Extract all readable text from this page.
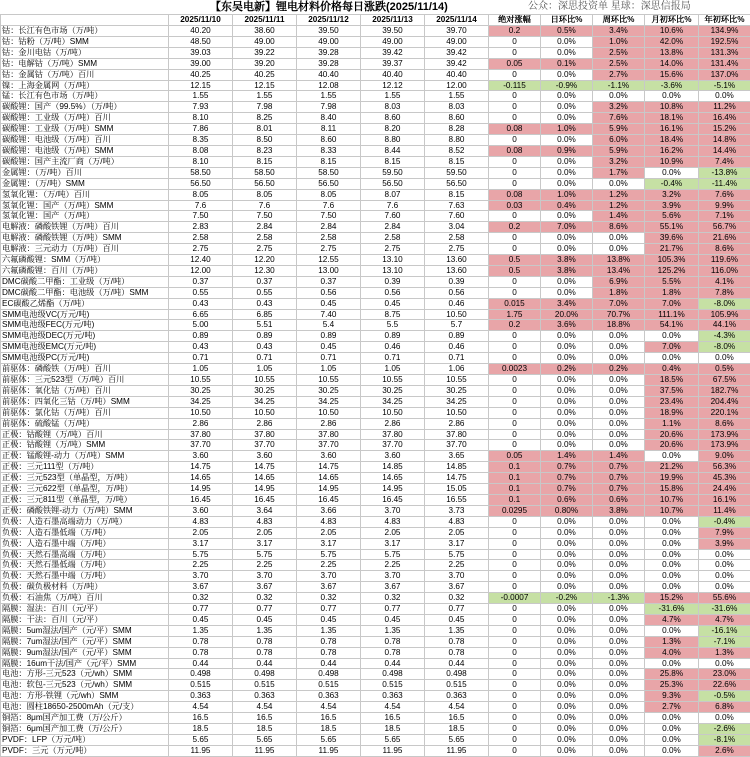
【东吴电新】锂电材料价格每日涨跌(2025/11/14)	公众：深思投资单 星球：深思信报局
	2025/11/10	2025/11/11	2025/11/12	2025/11/13	2025/11/14	绝对涨幅	日环比%	周环比%	月初环比%	年初环比%
钴：长江有色市场（万/吨）	40.20	38.60	39.50	39.50	39.70	0.2	0.5%	3.4%	10.6%	134.9%
钴：钴粉（万/吨）SMM	48.50	49.00	49.00	49.00	49.00	0	0.0%	1.0%	42.0%	192.5%
钴：金川电钴（万/吨）	39.03	39.22	39.28	39.42	39.42	0	0.0%	2.5%	13.8%	131.3%
钴：电解钴（万/吨）SMM	39.00	39.20	39.28	39.37	39.42	0.05	0.1%	2.5%	14.0%	131.4%
钴：金属钴（万/吨）百川	40.25	40.25	40.40	40.40	40.40	0	0.0%	2.7%	15.6%	137.0%
镍：上海金属网（万/吨）	12.15	12.15	12.08	12.12	12.00	-0.115	-0.9%	-1.1%	-3.6%	-5.1%
锰：长江有色市场（万/吨）	1.55	1.55	1.55	1.55	1.55	0	0.0%	0.0%	0.0%	0.0%
碳酸锂：国产（99.5%）（万/吨）	7.93	7.98	7.98	8.03	8.03	0	0.0%	3.2%	10.8%	11.2%
碳酸锂：工业级（万/吨）百川	8.10	8.25	8.40	8.60	8.60	0	0.0%	7.6%	18.1%	16.4%
碳酸锂：工业级（万/吨）SMM	7.86	8.01	8.11	8.20	8.28	0.08	1.0%	5.9%	16.1%	15.2%
碳酸锂：电池级（万/吨）百川	8.35	8.50	8.60	8.80	8.80	0	0.0%	6.0%	18.4%	14.8%
碳酸锂：电池级（万/吨）SMM	8.08	8.23	8.33	8.44	8.52	0.08	0.9%	5.9%	16.2%	14.4%
碳酸锂：国产主流厂商（万/吨）	8.10	8.15	8.15	8.15	8.15	0	0.0%	3.2%	10.9%	7.4%
金属锂：（万/吨）百川	58.50	58.50	58.50	59.50	59.50	0	0.0%	1.7%	0.0%	-13.8%
金属锂：（万/吨）SMM	56.50	56.50	56.50	56.50	56.50	0	0.0%	0.0%	-0.4%	-11.4%
氢氧化锂：（万/吨）百川	8.05	8.05	8.05	8.07	8.15	0.08	1.0%	1.2%	3.2%	7.6%
氢氧化锂：国产（万/吨）SMM	7.6	7.6	7.6	7.6	7.63	0.03	0.4%	1.2%	3.9%	9.9%
氢氧化锂：国产（万/吨）	7.50	7.50	7.50	7.60	7.60	0	0.0%	1.4%	5.6%	7.1%
电解液：磷酸铁锂（万/吨）百川	2.83	2.84	2.84	2.84	3.04	0.2	7.0%	8.6%	55.1%	56.7%
电解液：磷酸铁锂（万/吨）SMM	2.58	2.58	2.58	2.58	2.58	0	0.0%	0.0%	39.6%	21.6%
电解液：三元动力（万/吨）百川	2.75	2.75	2.75	2.75	2.75	0	0.0%	0.0%	21.7%	8.6%
六氟磷酸锂：SMM（万/吨）	12.40	12.20	12.55	13.10	13.60	0.5	3.8%	13.8%	105.3%	119.6%
六氟磷酸锂：百川（万/吨）	12.00	12.30	13.00	13.10	13.60	0.5	3.8%	13.4%	125.2%	116.0%
DMC碳酸二甲酯：工业级（万/吨）	0.37	0.37	0.37	0.39	0.39	0	0.0%	6.9%	5.5%	4.1%
DMC碳酸二甲酯：电池级（万/吨）SMM	0.55	0.55	0.56	0.56	0.56	0	0.0%	1.8%	1.8%	7.8%
EC碳酸乙烯酯（万/吨）	0.43	0.43	0.45	0.45	0.46	0.015	3.4%	7.0%	7.0%	-8.0%
SMM电池级VC(万元/吨)	6.65	6.85	7.40	8.75	10.50	1.75	20.0%	70.7%	111.1%	105.9%
SMM电池级FEC(万元/吨)	5.00	5.51	5.4	5.5	5.7	0.2	3.6%	18.8%	54.1%	44.1%
SMM电池级DEC(万元/吨)	0.89	0.89	0.89	0.89	0.89	0	0.0%	0.0%	0.0%	-4.3%
SMM电池级EMC(万元/吨)	0.43	0.43	0.45	0.46	0.46	0	0.0%	0.0%	7.0%	-8.0%
SMM电池级PC(万元/吨)	0.71	0.71	0.71	0.71	0.71	0	0.0%	0.0%	0.0%	0.0%
前驱体：磷酸铁（万/吨）百川	1.05	1.05	1.05	1.05	1.06	0.0023	0.2%	0.2%	0.4%	0.5%
前驱体：三元523型（万/吨）百川	10.55	10.55	10.55	10.55	10.55	0	0.0%	0.0%	18.5%	67.5%
前驱体：氧化钴（万/吨）百川	30.25	30.25	30.25	30.25	30.25	0	0.0%	0.0%	37.5%	182.7%
前驱体：四氧化三钴（万/吨）SMM	34.25	34.25	34.25	34.25	34.25	0	0.0%	0.0%	23.4%	204.4%
前驱体：氯化钴（万/吨）百川	10.50	10.50	10.50	10.50	10.50	0	0.0%	0.0%	18.9%	220.1%
前驱体：硫酸锰（万/吨）	2.86	2.86	2.86	2.86	2.86	0	0.0%	0.0%	1.1%	8.6%
正极：钴酸锂（万/吨）百川	37.80	37.80	37.80	37.80	37.80	0	0.0%	0.0%	20.6%	173.9%
正极：钴酸锂（万/吨）SMM	37.70	37.70	37.70	37.70	37.70	0	0.0%	0.0%	20.6%	173.9%
正极：锰酸锂-动力（万/吨）SMM	3.60	3.60	3.60	3.60	3.65	0.05	1.4%	1.4%	0.0%	9.0%
正极：三元111型（万/吨）	14.75	14.75	14.75	14.85	14.85	0.1	0.7%	0.7%	21.2%	56.3%
正极：三元523型（单晶型，万/吨）	14.65	14.65	14.65	14.65	14.75	0.1	0.7%	0.7%	19.9%	45.3%
正极：三元622型（单晶型，万/吨）	14.95	14.95	14.95	14.95	15.05	0.1	0.7%	0.7%	15.8%	24.4%
正极：三元811型（单晶型，万/吨）	16.45	16.45	16.45	16.45	16.55	0.1	0.6%	0.6%	10.7%	16.1%
正极：磷酸铁锂-动力（万/吨）SMM	3.60	3.64	3.66	3.70	3.73	0.0295	0.80%	3.8%	10.7%	11.4%
负极：人造石墨高端动力（万/吨）	4.83	4.83	4.83	4.83	4.83	0	0.0%	0.0%	0.0%	-0.4%
负极：人造石墨低端（万/吨）	2.05	2.05	2.05	2.05	2.05	0	0.0%	0.0%	0.0%	7.9%
负极：人造石墨中端（万/吨）	3.17	3.17	3.17	3.17	3.17	0	0.0%	0.0%	0.0%	3.9%
负极：天然石墨高端（万/吨）	5.75	5.75	5.75	5.75	5.75	0	0.0%	0.0%	0.0%	0.0%
负极：天然石墨低端（万/吨）	2.25	2.25	2.25	2.25	2.25	0	0.0%	0.0%	0.0%	0.0%
负极：天然石墨中端（万/吨）	3.70	3.70	3.70	3.70	3.70	0	0.0%	0.0%	0.0%	0.0%
负极：碳负极材料（万/吨）	3.67	3.67	3.67	3.67	3.67	0	0.0%	0.0%	0.0%	0.0%
负极：石油焦（万/吨）百川	0.32	0.32	0.32	0.32	0.32	-0.0007	-0.2%	-1.3%	15.2%	55.6%
隔膜：湿法：百川（元/平）	0.77	0.77	0.77	0.77	0.77	0	0.0%	0.0%	-31.6%	-31.6%
隔膜：干法：百川（元/平）	0.45	0.45	0.45	0.45	0.45	0	0.0%	0.0%	4.7%	4.7%
隔膜：5um湿法/国产（元/平）SMM	1.35	1.35	1.35	1.35	1.35	0	0.0%	0.0%	0.0%	-16.1%
隔膜：7um湿法/国产（元/平）SMM	0.78	0.78	0.78	0.78	0.78	0	0.0%	0.0%	1.3%	-7.1%
隔膜：9um湿法/国产（元/平）SMM	0.78	0.78	0.78	0.78	0.78	0	0.0%	0.0%	4.0%	1.3%
隔膜：16um干法/国产（元/平）SMM	0.44	0.44	0.44	0.44	0.44	0	0.0%	0.0%	0.0%	0.0%
电池：方形-三元523（元/wh）SMM	0.498	0.498	0.498	0.498	0.498	0	0.0%	0.0%	25.8%	23.0%
电池：软包-三元523（元/wh）SMM	0.515	0.515	0.515	0.515	0.515	0	0.0%	0.0%	25.3%	22.6%
电池：方形-铁锂（元/wh）SMM	0.363	0.363	0.363	0.363	0.363	0	0.0%	0.0%	9.3%	-0.5%
电池：圆柱18650-2500mAh（元/支）	4.54	4.54	4.54	4.54	4.54	0	0.0%	0.0%	2.7%	6.8%
铜箔：8μm国产加工费（万/公斤）	16.5	16.5	16.5	16.5	16.5	0	0.0%	0.0%	0.0%	0.0%
铜箔：6μm国产加工费（万/公斤）	18.5	18.5	18.5	18.5	18.5	0	0.0%	0.0%	0.0%	-2.6%
PVDF：LFP（万元/吨）	5.65	5.65	5.65	5.65	5.65	0	0.0%	0.0%	0.0%	-8.1%
PVDF：三元（万元/吨）	11.95	11.95	11.95	11.95	11.95	0	0.0%	0.0%	0.0%	2.6%
